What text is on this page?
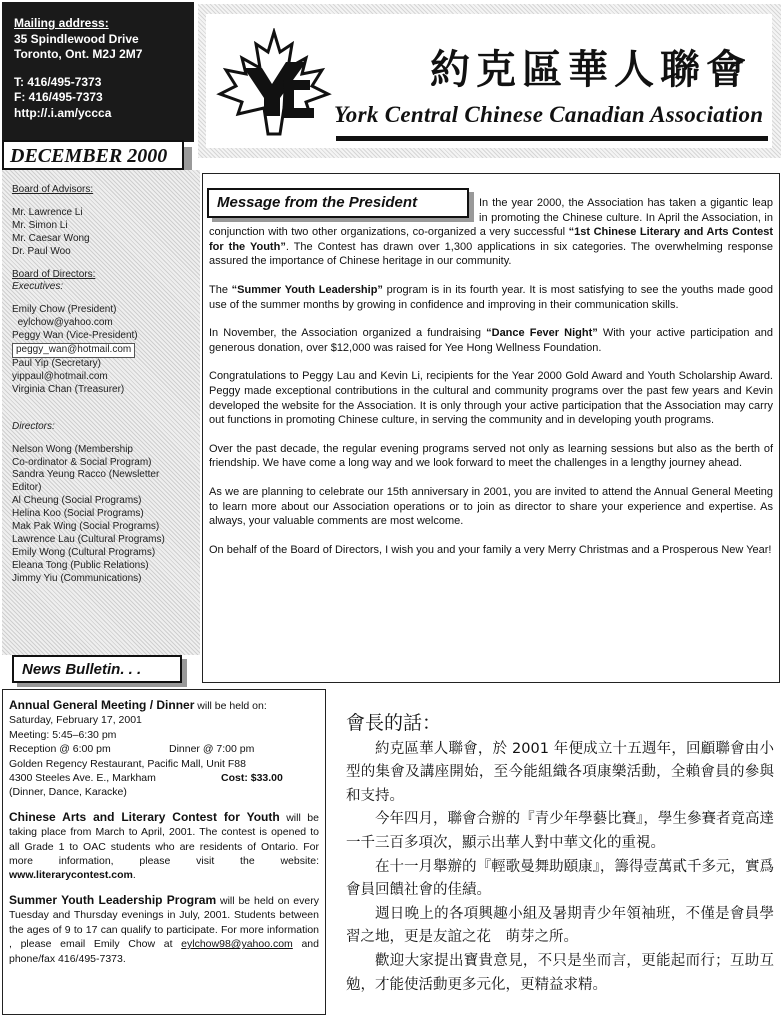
Mailing address:
35 Spindlewood Drive
Toronto, Ont. M2J 2M7
T: 416/495-7373
F: 416/495-7373
http://.i.am/yccca
DECEMBER 2000
約克區華人聯會
York Central Chinese Canadian Association
Board of Advisors:
Mr. Lawrence Li
Mr. Simon Li
Mr. Caesar Wong
Dr. Paul Woo
Board of Directors:
Executives:
Emily Chow (President)
eylchow@yahoo.com
Peggy Wan (Vice-President)
peggy_wan@hotmail.com
Paul Yip (Secretary)
yippaul@hotmail.com
Virginia Chan (Treasurer)
Directors:
Nelson Wong (Membership
Co-ordinator & Social Program)
Sandra Yeung Racco (Newsletter
Editor)
Al Cheung (Social Programs)
Helina Koo (Social Programs)
Mak Pak Wing (Social Programs)
Lawrence Lau (Cultural Programs)
Emily Wong (Cultural Programs)
Eleana Tong (Public Relations)
Jimmy Yiu (Communications)
Message from the President	In the year 2000, the Association has taken a gigantic leap in promoting the Chinese culture. In April the Association, in conjunction with two other organizations, co-organized a very successful “1st Chinese Literary and Arts Contest for the Youth”. The Contest has drawn over 1,300 applications in six categories. The overwhelming response assured the importance of Chinese heritage in our community.

The “Summer Youth Leadership” program is in its fourth year. It is most satisfying to see the youths made good use of the summer months by growing in confidence and improving in their communication skills.

In November, the Association organized a fundraising “Dance Fever Night” With your active participation and generous donation, over $12,000 was raised for Yee Hong Wellness Foundation.

Congratulations to Peggy Lau and Kevin Li, recipients for the Year 2000 Gold Award and Youth Scholarship Award. Peggy made exceptional contributions in the cultural and community programs over the past few years and Kevin developed the website for the Association. It is only through your active participation that the Association may carry out functions in promoting Chinese culture, in serving the community and in developing youth programs.

Over the past decade, the regular evening programs served not only as learning sessions but also as the berth of friendship. We have come a long way and we look forward to meet the challenges in a lengthy journey ahead.

As we are planning to celebrate our 15th anniversary in 2001, you are invited to attend the Annual General Meeting to learn more about our Association operations or to join as director to share your experience and expertise. As always, your valuable comments are most welcome.

On behalf of the Board of Directors, I wish you and your family a very Merry Christmas and a Prosperous New Year!

News Bulletin. . .
Annual General Meeting / Dinner will be held on:
Saturday, February 17, 2001
Meeting: 5:45–6:30 pm
Reception @ 6:00 pm	Dinner @ 7:00 pm
Golden Regency Restaurant, Pacific Mall, Unit F88
4300 Steeles Ave. E., Markham	Cost: $33.00
(Dinner, Dance, Karacke)
Chinese Arts and Literary Contest for Youth will be taking place from March to April, 2001. The contest is opened to all Grade 1 to OAC students who are residents of Ontario. For more information, please visit the website: www.literarycontest.com.
Summer Youth Leadership Program will be held on every Tuesday and Thursday evenings in July, 2001. Students between the ages of 9 to 17 can qualify to participate. For more information , please email Emily Chow at eylchow98@yahoo.com and phone/fax 416/495-7373.
會長的話：

約克區華人聯會，於 2001 年便成立十五週年，回顧聯會由小型的集會及講座開始，至今能組織各項康樂活動，全賴會員的參與和支持。

今年四月，聯會合辦的『青少年學藝比賽』，學生參賽者竟高達一千三百多項次，顯示出華人對中華文化的重視。

在十一月舉辦的『輕歌曼舞助頤康』，籌得壹萬貳千多元，實爲會員回饋社會的佳績。

週日晚上的各項興趣小組及暑期青少年領袖班，不僅是會員學習之地，更是友誼之花　萌芽之所。

歡迎大家提出寶貴意見，不只是坐而言，更能起而行；互助互勉，才能使活動更多元化，更精益求精。
